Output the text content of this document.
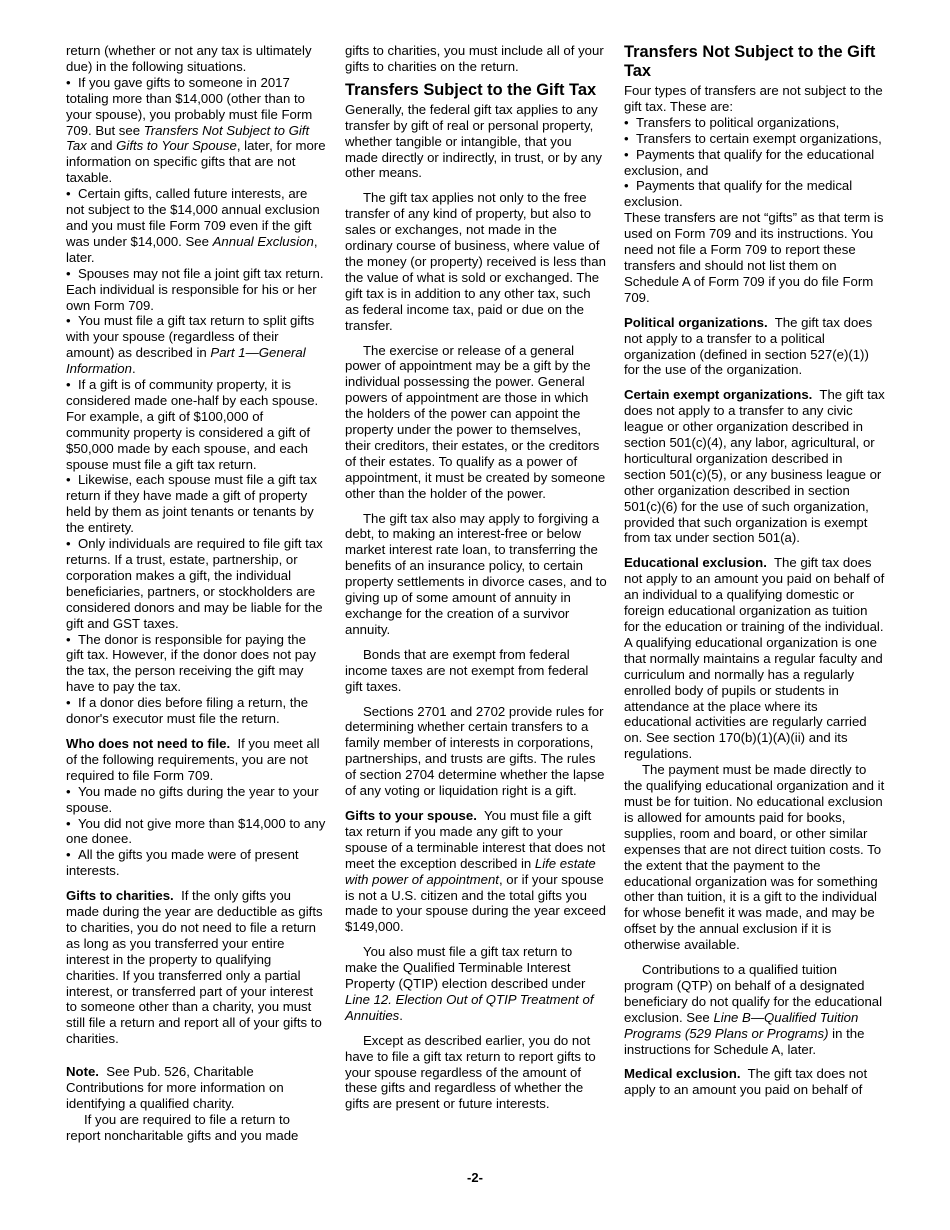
return (whether or not any tax is ultimately due) in the following situations.

•  If you gave gifts to someone in 2017 totaling more than $14,000 (other than to your spouse), you probably must file Form 709. But see Transfers Not Subject to Gift Tax and Gifts to Your Spouse, later, for more information on specific gifts that are not taxable.

•  Certain gifts, called future interests, are not subject to the $14,000 annual exclusion and you must file Form 709 even if the gift was under $14,000. See Annual Exclusion, later.

•  Spouses may not file a joint gift tax return. Each individual is responsible for his or her own Form 709.

•  You must file a gift tax return to split gifts with your spouse (regardless of their amount) as described in Part 1—General Information.

•  If a gift is of community property, it is considered made one-half by each spouse. For example, a gift of $100,000 of community property is considered a gift of $50,000 made by each spouse, and each spouse must file a gift tax return.

•  Likewise, each spouse must file a gift tax return if they have made a gift of property held by them as joint tenants or tenants by the entirety.

•  Only individuals are required to file gift tax returns. If a trust, estate, partnership, or corporation makes a gift, the individual beneficiaries, partners, or stockholders are considered donors and may be liable for the gift and GST taxes.

•  The donor is responsible for paying the gift tax. However, if the donor does not pay the tax, the person receiving the gift may have to pay the tax.

•  If a donor dies before filing a return, the donor's executor must file the return.

Who does not need to file. If you meet all of the following requirements, you are not required to file Form 709.

•  You made no gifts during the year to your spouse.

•  You did not give more than $14,000 to any one donee.

•  All the gifts you made were of present interests.

Gifts to charities. If the only gifts you made during the year are deductible as gifts to charities, you do not need to file a return as long as you transferred your entire interest in the property to qualifying charities. If you transferred only a partial interest, or transferred part of your interest to someone other than a charity, you must still file a return and report all of your gifts to charities.

Note. See Pub. 526, Charitable Contributions for more information on identifying a qualified charity.

If you are required to file a return to report noncharitable gifts and you made

gifts to charities, you must include all of your gifts to charities on the return.

Transfers Subject to the Gift Tax

Generally, the federal gift tax applies to any transfer by gift of real or personal property, whether tangible or intangible, that you made directly or indirectly, in trust, or by any other means.

The gift tax applies not only to the free transfer of any kind of property, but also to sales or exchanges, not made in the ordinary course of business, where value of the money (or property) received is less than the value of what is sold or exchanged. The gift tax is in addition to any other tax, such as federal income tax, paid or due on the transfer.

The exercise or release of a general power of appointment may be a gift by the individual possessing the power. General powers of appointment are those in which the holders of the power can appoint the property under the power to themselves, their creditors, their estates, or the creditors of their estates. To qualify as a power of appointment, it must be created by someone other than the holder of the power.

The gift tax also may apply to forgiving a debt, to making an interest-free or below market interest rate loan, to transferring the benefits of an insurance policy, to certain property settlements in divorce cases, and to giving up of some amount of annuity in exchange for the creation of a survivor annuity.

Bonds that are exempt from federal income taxes are not exempt from federal gift taxes.

Sections 2701 and 2702 provide rules for determining whether certain transfers to a family member of interests in corporations, partnerships, and trusts are gifts. The rules of section 2704 determine whether the lapse of any voting or liquidation right is a gift.

Gifts to your spouse. You must file a gift tax return if you made any gift to your spouse of a terminable interest that does not meet the exception described in Life estate with power of appointment, or if your spouse is not a U.S. citizen and the total gifts you made to your spouse during the year exceed $149,000.

You also must file a gift tax return to make the Qualified Terminable Interest Property (QTIP) election described under Line 12. Election Out of QTIP Treatment of Annuities.

Except as described earlier, you do not have to file a gift tax return to report gifts to your spouse regardless of the amount of these gifts and regardless of whether the gifts are present or future interests.

Transfers Not Subject to the Gift Tax

Four types of transfers are not subject to the gift tax. These are:

•  Transfers to political organizations,

•  Transfers to certain exempt organizations,

•  Payments that qualify for the educational exclusion, and

•  Payments that qualify for the medical exclusion.

These transfers are not “gifts” as that term is used on Form 709 and its instructions. You need not file a Form 709 to report these transfers and should not list them on Schedule A of Form 709 if you do file Form 709.

Political organizations. The gift tax does not apply to a transfer to a political organization (defined in section 527(e)(1)) for the use of the organization.

Certain exempt organizations. The gift tax does not apply to a transfer to any civic league or other organization described in section 501(c)(4), any labor, agricultural, or horticultural organization described in section 501(c)(5), or any business league or other organization described in section 501(c)(6) for the use of such organization, provided that such organization is exempt from tax under section 501(a).

Educational exclusion. The gift tax does not apply to an amount you paid on behalf of an individual to a qualifying domestic or foreign educational organization as tuition for the education or training of the individual. A qualifying educational organization is one that normally maintains a regular faculty and curriculum and normally has a regularly enrolled body of pupils or students in attendance at the place where its educational activities are regularly carried on. See section 170(b)(1)(A)(ii) and its regulations.

The payment must be made directly to the qualifying educational organization and it must be for tuition. No educational exclusion is allowed for amounts paid for books, supplies, room and board, or other similar expenses that are not direct tuition costs. To the extent that the payment to the educational organization was for something other than tuition, it is a gift to the individual for whose benefit it was made, and may be offset by the annual exclusion if it is otherwise available.

Contributions to a qualified tuition program (QTP) on behalf of a designated beneficiary do not qualify for the educational exclusion. See Line B—Qualified Tuition Programs (529 Plans or Programs) in the instructions for Schedule A, later.

Medical exclusion. The gift tax does not apply to an amount you paid on behalf of

-2-
